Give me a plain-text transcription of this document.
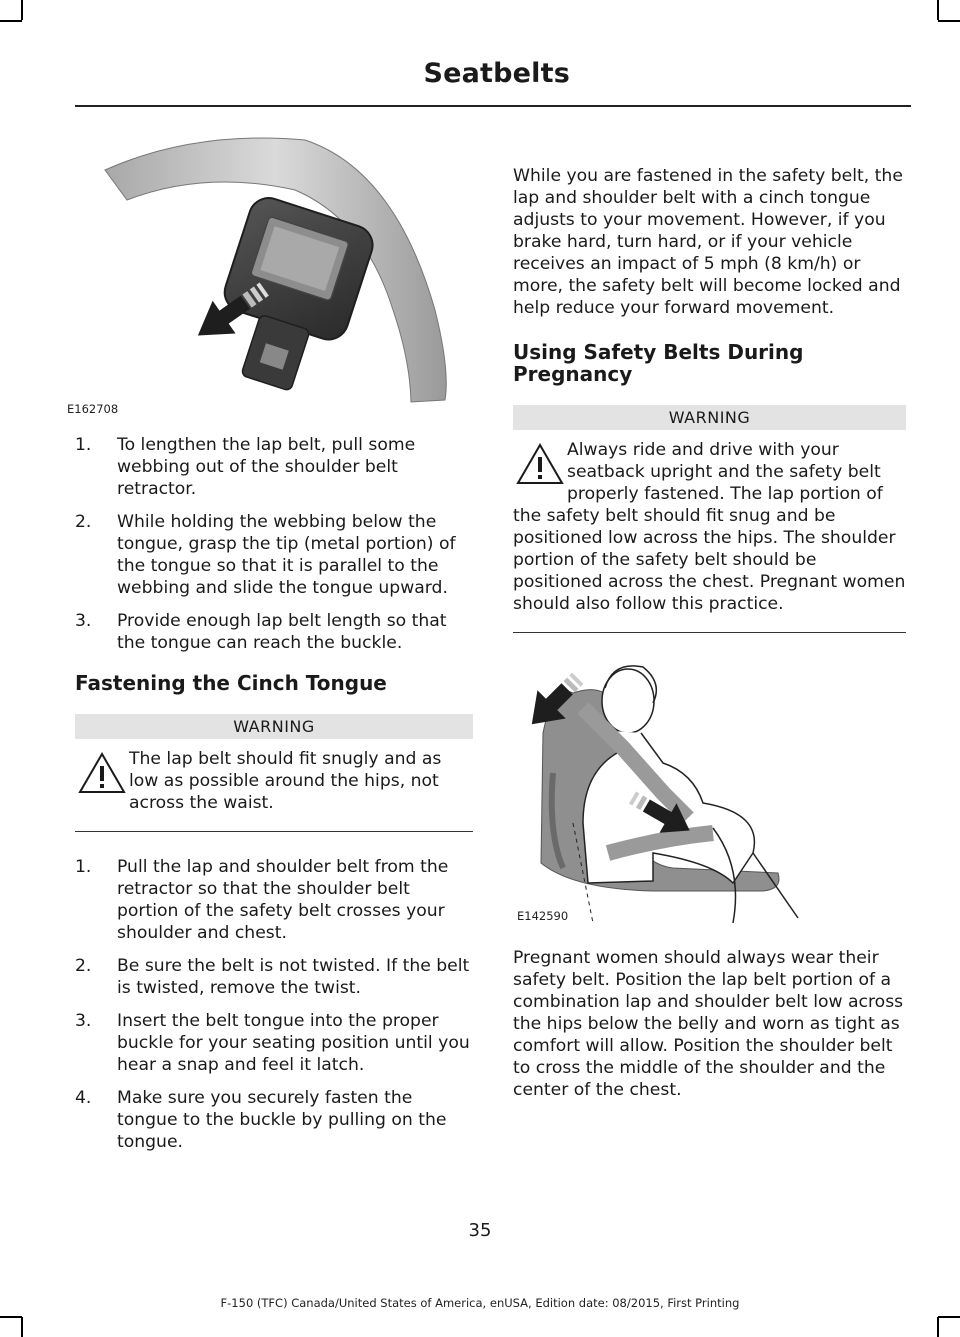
Seatbelts
E162708
1. To lengthen the lap belt, pull some webbing out of the shoulder belt retractor.
2. While holding the webbing below the tongue, grasp the tip (metal portion) of the tongue so that it is parallel to the webbing and slide the tongue upward.
3. Provide enough lap belt length so that the tongue can reach the buckle.
Fastening the Cinch Tongue
WARNING

The lap belt should fit snugly and as low as possible around the hips, not across the waist.

1. Pull the lap and shoulder belt from the retractor so that the shoulder belt portion of the safety belt crosses your shoulder and chest.
2. Be sure the belt is not twisted. If the belt is twisted, remove the twist.
3. Insert the belt tongue into the proper buckle for your seating position until you hear a snap and feel it latch.
4. Make sure you securely fasten the tongue to the buckle by pulling on the tongue.

While you are fastened in the safety belt, the lap and shoulder belt with a cinch tongue adjusts to your movement. However, if you brake hard, turn hard, or if your vehicle receives an impact of 5 mph (8 km/h) or more, the safety belt will become locked and help reduce your forward movement.

Using Safety Belts During Pregnancy
WARNING

Always ride and drive with your seatback upright and the safety belt properly fastened. The lap portion of
the safety belt should fit snug and be positioned low across the hips. The shoulder portion of the safety belt should be positioned across the chest. Pregnant women should also follow this practice.

E142590

Pregnant women should always wear their safety belt. Position the lap belt portion of a combination lap and shoulder belt low across the hips below the belly and worn as tight as comfort will allow. Position the shoulder belt to cross the middle of the shoulder and the center of the chest.

35
F-150 (TFC) Canada/United States of America, enUSA, Edition date: 08/2015, First Printing
